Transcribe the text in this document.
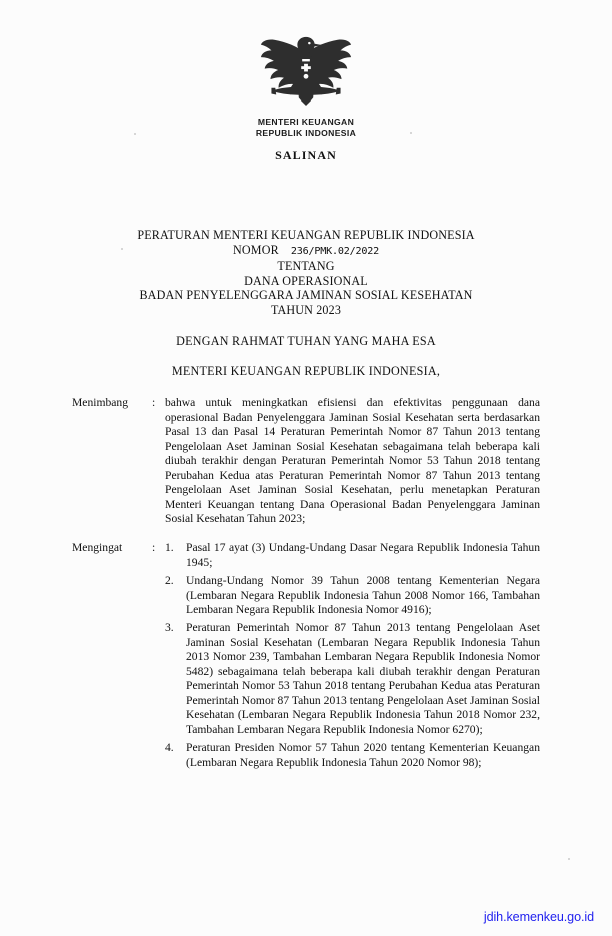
MENTERI KEUANGAN
REPUBLIK INDONESIA
SALINAN
PERATURAN MENTERI KEUANGAN REPUBLIK INDONESIA
NOMOR 236/PMK.02/2022
TENTANG
DANA OPERASIONAL
BADAN PENYELENGGARA JAMINAN SOSIAL KESEHATAN
TAHUN 2023
DENGAN RAHMAT TUHAN YANG MAHA ESA
MENTERI KEUANGAN REPUBLIK INDONESIA,
Menimbang	: bahwa untuk meningkatkan efisiensi dan efektivitas penggunaan dana operasional Badan Penyelenggara Jaminan Sosial Kesehatan serta berdasarkan Pasal 13 dan Pasal 14 Peraturan Pemerintah Nomor 87 Tahun 2013 tentang Pengelolaan Aset Jaminan Sosial Kesehatan sebagaimana telah beberapa kali diubah terakhir dengan Peraturan Pemerintah Nomor 53 Tahun 2018 tentang Perubahan Kedua atas Peraturan Pemerintah Nomor 87 Tahun 2013 tentang Pengelolaan Aset Jaminan Sosial Kesehatan, perlu menetapkan Peraturan Menteri Keuangan tentang Dana Operasional Badan Penyelenggara Jaminan Sosial Kesehatan Tahun 2023;

Mengingat	: 1.	Pasal 17 ayat (3) Undang-Undang Dasar Negara Republik Indonesia Tahun 1945;
2.	Undang-Undang Nomor 39 Tahun 2008 tentang Kementerian Negara (Lembaran Negara Republik Indonesia Tahun 2008 Nomor 166, Tambahan Lembaran Negara Republik Indonesia Nomor 4916);
3.	Peraturan Pemerintah Nomor 87 Tahun 2013 tentang Pengelolaan Aset Jaminan Sosial Kesehatan (Lembaran Negara Republik Indonesia Tahun 2013 Nomor 239, Tambahan Lembaran Negara Republik Indonesia Nomor 5482) sebagaimana telah beberapa kali diubah terakhir dengan Peraturan Pemerintah Nomor 53 Tahun 2018 tentang Perubahan Kedua atas Peraturan Pemerintah Nomor 87 Tahun 2013 tentang Pengelolaan Aset Jaminan Sosial Kesehatan (Lembaran Negara Republik Indonesia Tahun 2018 Nomor 232, Tambahan Lembaran Negara Republik Indonesia Nomor 6270);
4.	Peraturan Presiden Nomor 57 Tahun 2020 tentang Kementerian Keuangan (Lembaran Negara Republik Indonesia Tahun 2020 Nomor 98);
jdih.kemenkeu.go.id
